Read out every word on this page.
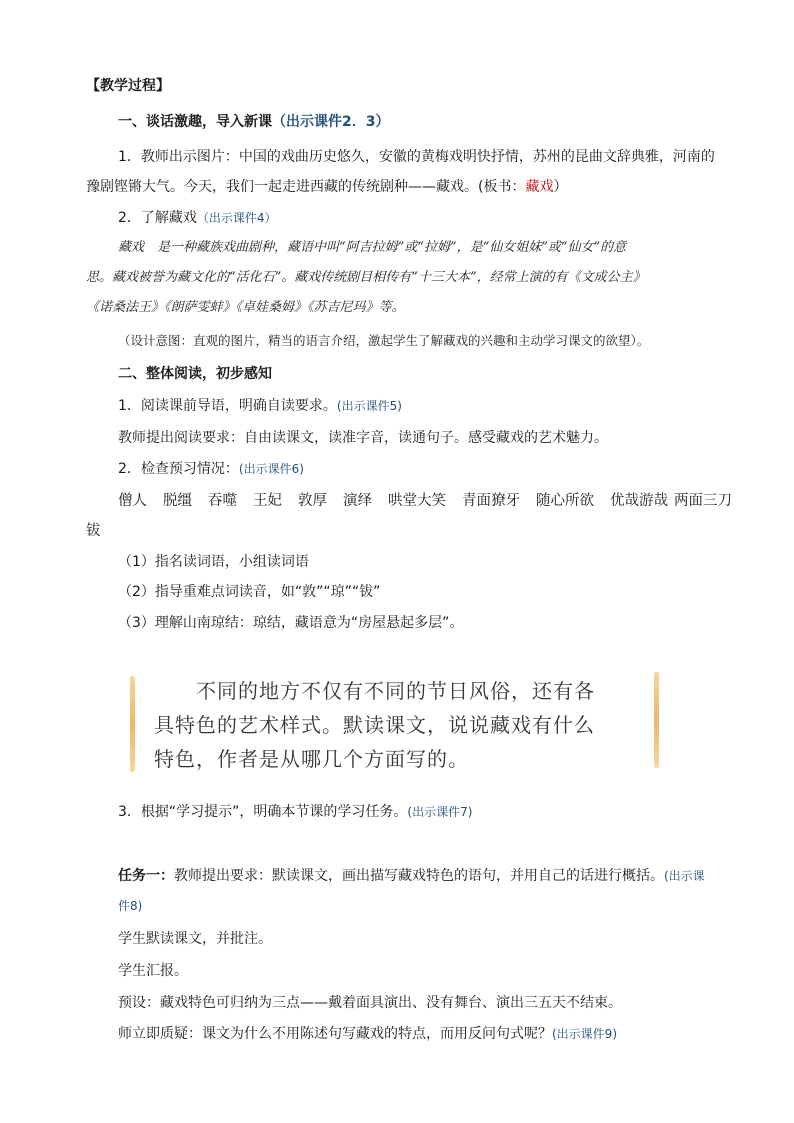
【教学过程】
一、谈话激趣，导入新课（出示课件2．3）
1．教师出示图片：中国的戏曲历史悠久，安徽的黄梅戏明快抒情，苏州的昆曲文辞典雅，河南的
豫剧铿锵大气。今天，我们一起走进西藏的传统剧种——藏戏。(板书：藏戏）
2．了解藏戏（出示课件4）
藏戏　是一种藏族戏曲剧种，藏语中叫“阿吉拉姆”或“拉姆”，是“仙女姐妹”或“仙女”的意
思。藏戏被誉为藏文化的“活化石”。藏戏传统剧目相传有“十三大本”，经常上演的有《文成公主》
《诺桑法王》《朗萨雯蚌》《卓娃桑姆》《苏吉尼玛》等。
（设计意图：直观的图片，精当的语言介绍，激起学生了解藏戏的兴趣和主动学习课文的欲望）。
二、整体阅读，初步感知
1．阅读课前导语，明确自读要求。(出示课件5)
教师提出阅读要求：自由读课文，读准字音，读通句子。感受藏戏的艺术魅力。
2．检查预习情况：(出示课件6)
僧人 脱缰 吞噬 王妃 敦厚 演绎 哄堂大笑 青面獠牙 随心所欲 优哉游哉 两面三刀
钹
（1）指名读词语，小组读词语
（2）指导重难点词读音，如“敦”“琼”“钹”
（3）理解山南琼结：琼结，藏语意为“房屋悬起多层”。
　　不同的地方不仅有不同的节日风俗，还有各
具特色的艺术样式。默读课文，说说藏戏有什么
特色，作者是从哪几个方面写的。
3．根据“学习提示”，明确本节课的学习任务。(出示课件7)
任务一：教师提出要求：默读课文，画出描写藏戏特色的语句，并用自己的话进行概括。(出示课
件8)
学生默读课文，并批注。
学生汇报。
预设：藏戏特色可归纳为三点——戴着面具演出、没有舞台、演出三五天不结束。
师立即质疑：课文为什么不用陈述句写藏戏的特点，而用反问句式呢？(出示课件9)
